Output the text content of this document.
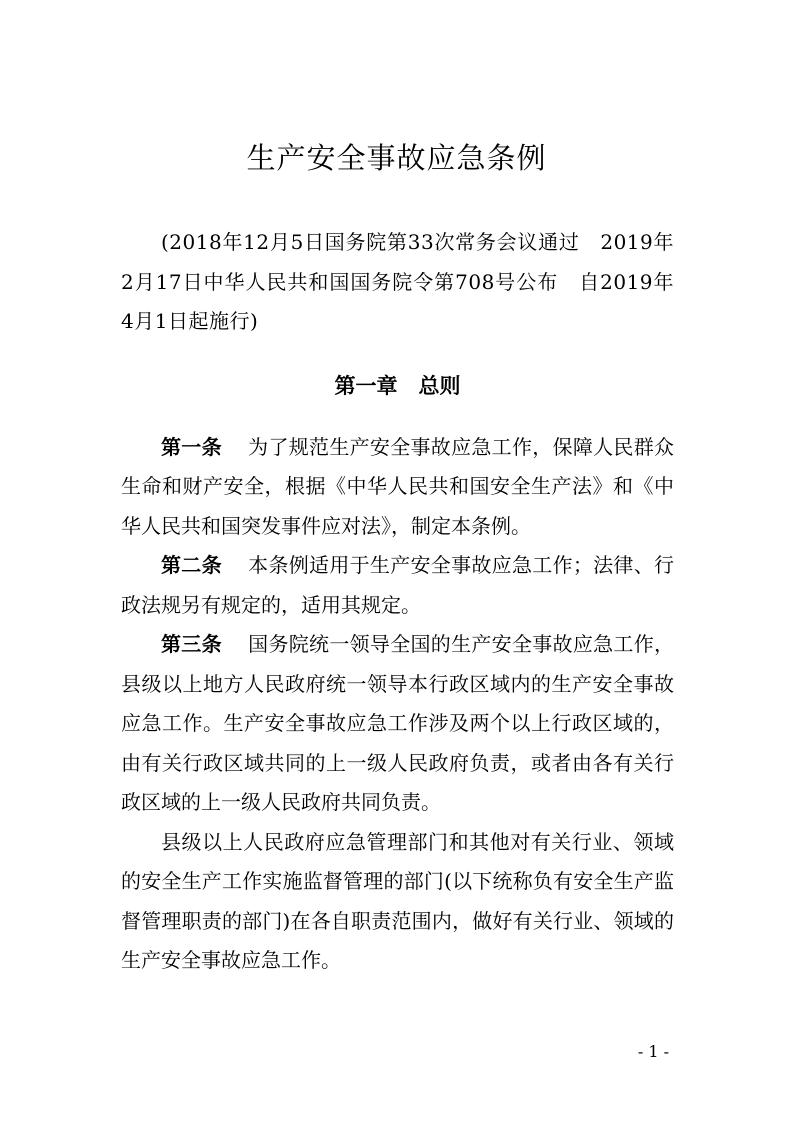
生产安全事故应急条例

(2018年12月5日国务院第33次常务会议通过　2019年2月17日中华人民共和国国务院令第708号公布　自2019年4月1日起施行)

第一章　总则

第一条 为了规范生产安全事故应急工作，保障人民群众生命和财产安全，根据《中华人民共和国安全生产法》和《中华人民共和国突发事件应对法》，制定本条例。

第二条 本条例适用于生产安全事故应急工作；法律、行政法规另有规定的，适用其规定。

第三条 国务院统一领导全国的生产安全事故应急工作，县级以上地方人民政府统一领导本行政区域内的生产安全事故应急工作。生产安全事故应急工作涉及两个以上行政区域的，由有关行政区域共同的上一级人民政府负责，或者由各有关行政区域的上一级人民政府共同负责。

县级以上人民政府应急管理部门和其他对有关行业、领域的安全生产工作实施监督管理的部门(以下统称负有安全生产监督管理职责的部门)在各自职责范围内，做好有关行业、领域的生产安全事故应急工作。

- 1 -
